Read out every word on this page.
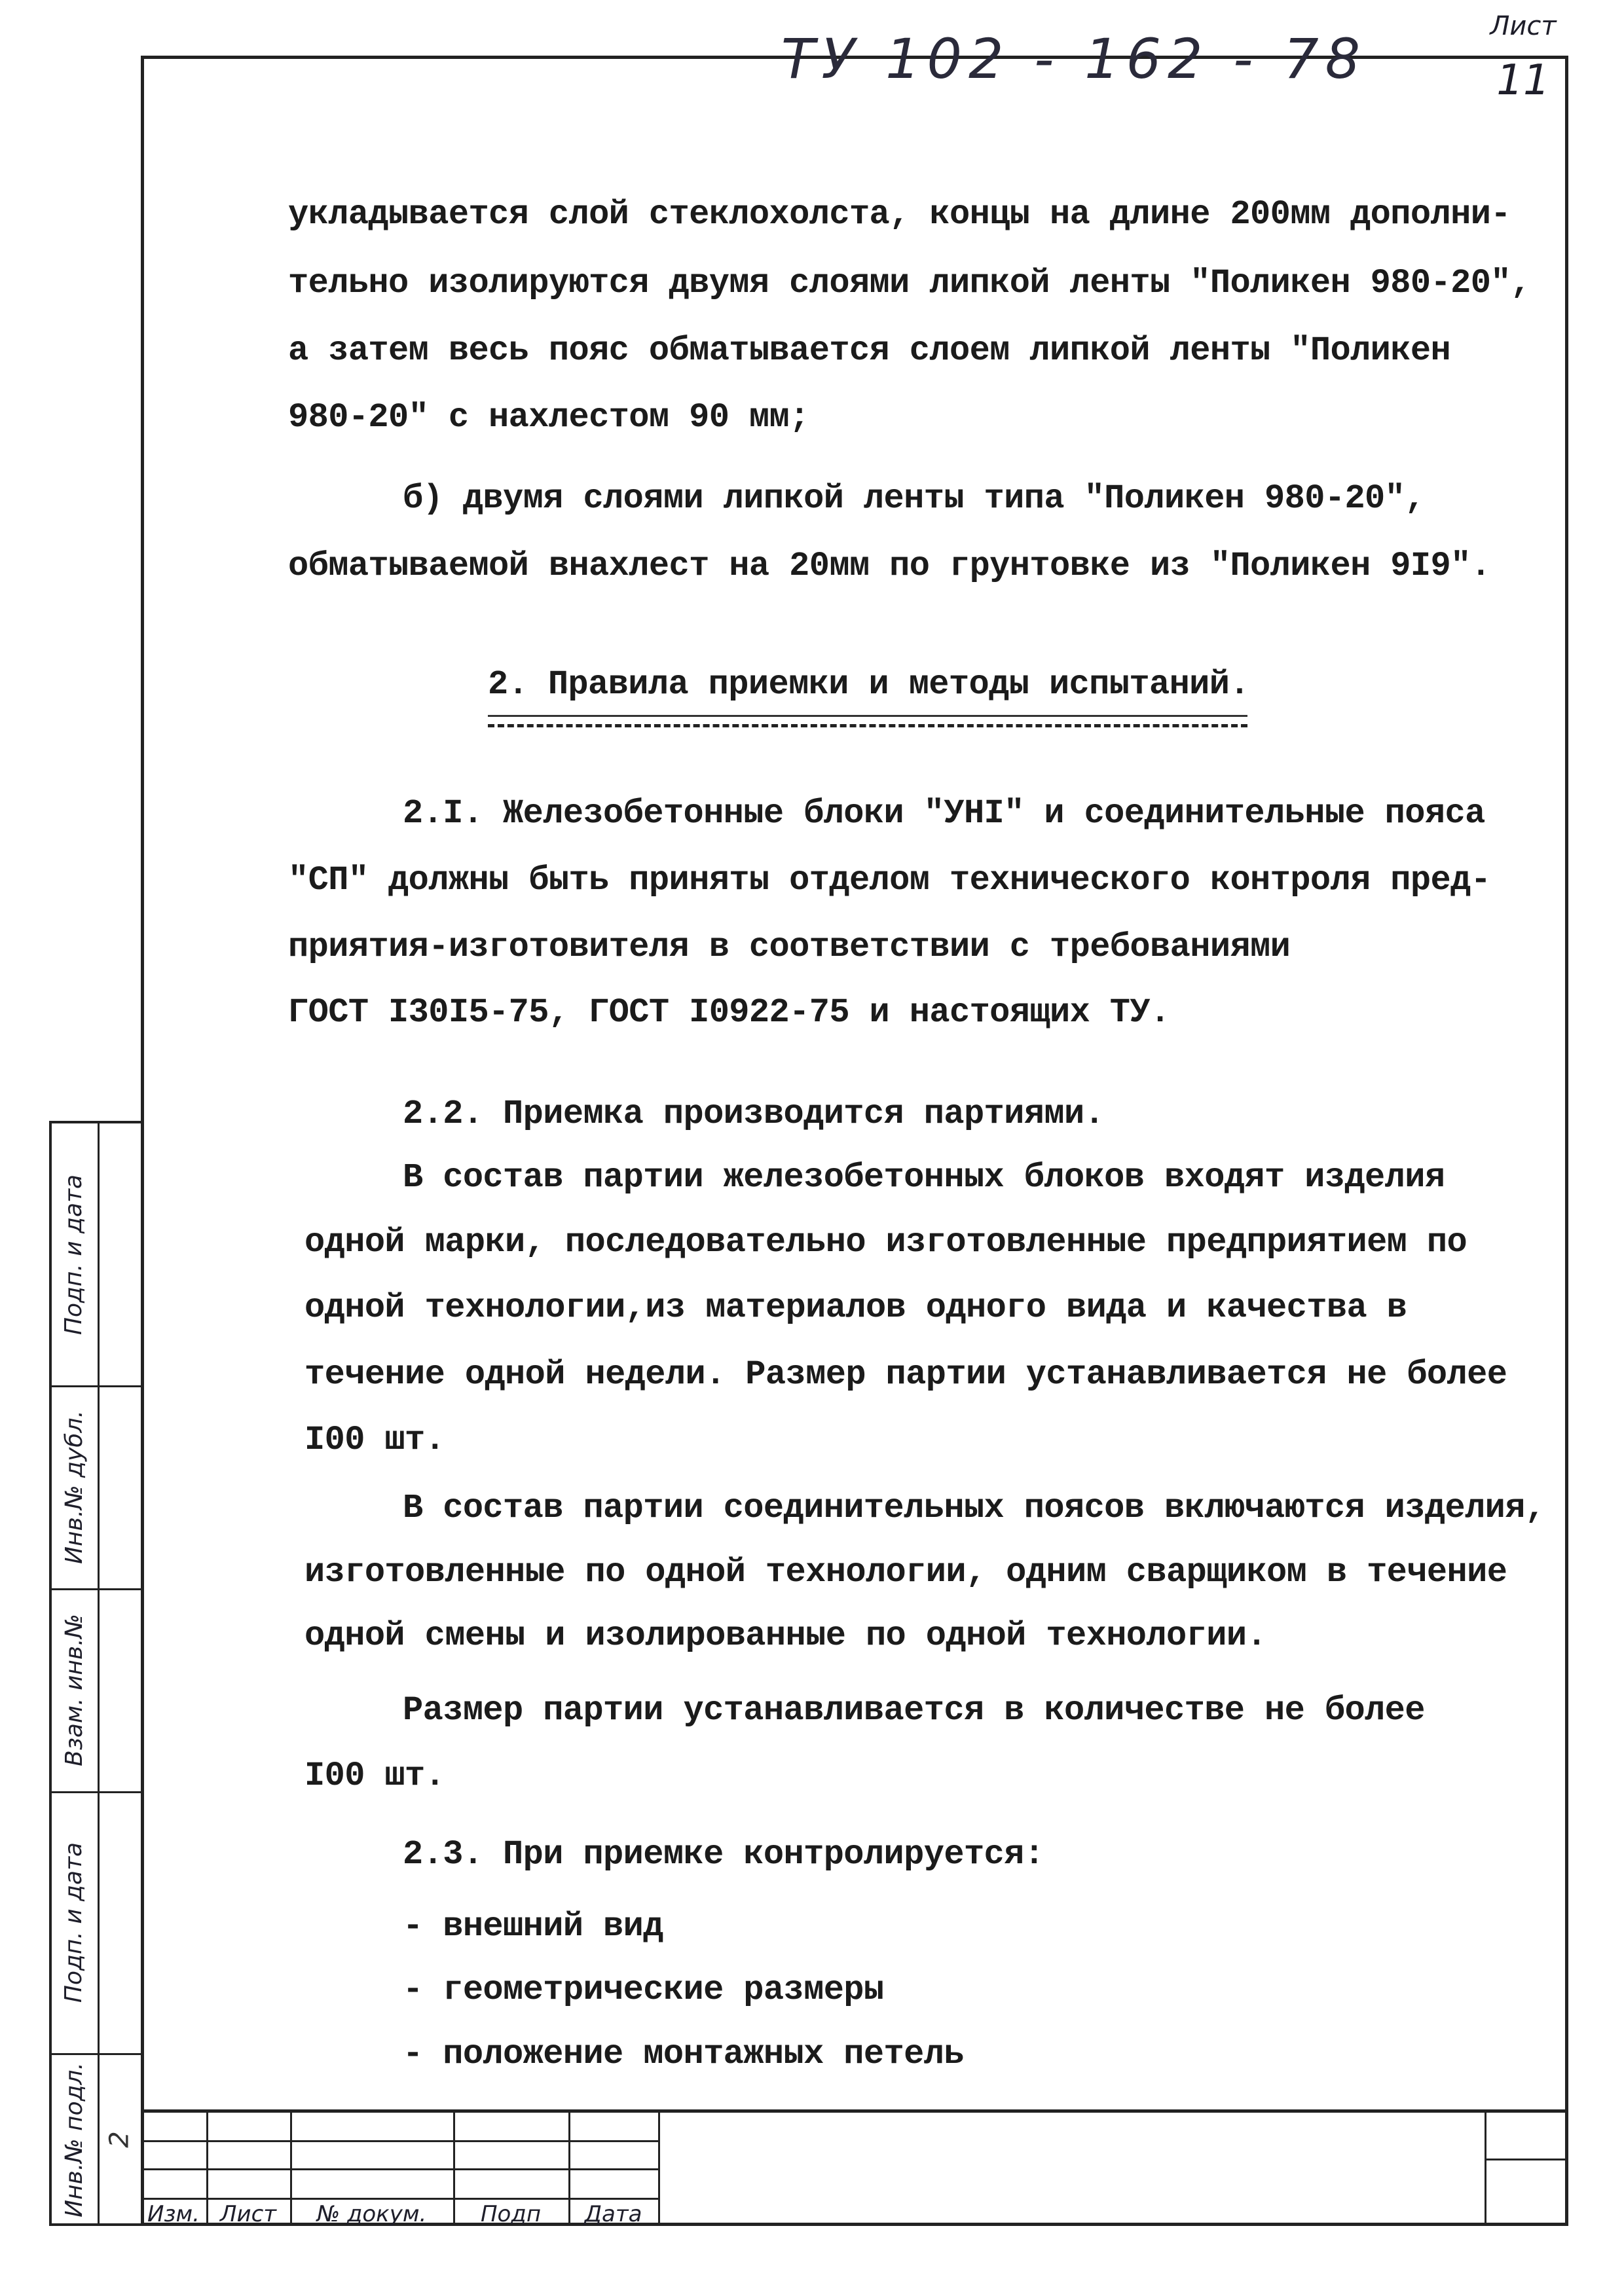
Подп. и дата
Инв.№ дубл.
Взам. инв.№
Подп. и дата
Инв.№ подл. 2
укладывается слой стеклохолста, концы на длине 200мм дополни-
тельно изолируются двумя слоями липкой ленты "Поликен 980-20",
а затем весь пояс обматывается слоем липкой ленты "Поликен
980-20" с нахлестом 90 мм;
б) двумя слоями липкой ленты типа "Поликен 980-20",
обматываемой внахлест на 20мм по грунтовке из "Поликен 9I9".
2. Правила приемки и методы испытаний.
2.I. Железобетонные блоки "УНI" и соединительные пояса
"СП" должны быть приняты отделом технического контроля пред-
приятия-изготовителя в соответствии с требованиями
ГОСТ I30I5-75, ГОСТ I0922-75 и настоящих ТУ.
2.2. Приемка производится партиями.
В состав партии железобетонных блоков входят изделия
одной марки, последовательно изготовленные предприятием по
одной технологии,из материалов одного вида и качества в
течение одной недели. Размер партии устанавливается не более
I00 шт.
В состав партии соединительных поясов включаются изделия,
изготовленные по одной технологии, одним сварщиком в течение
одной смены и изолированные по одной технологии.
Размер партии устанавливается в количестве не более
I00 шт.
2.3. При приемке контролируется:
- внешний вид
- геометрические размеры
- положение монтажных петель
Изм. Лист	№ докум.	Подп	Дата
ТУ 102 - 162 - 78
Лист
11
